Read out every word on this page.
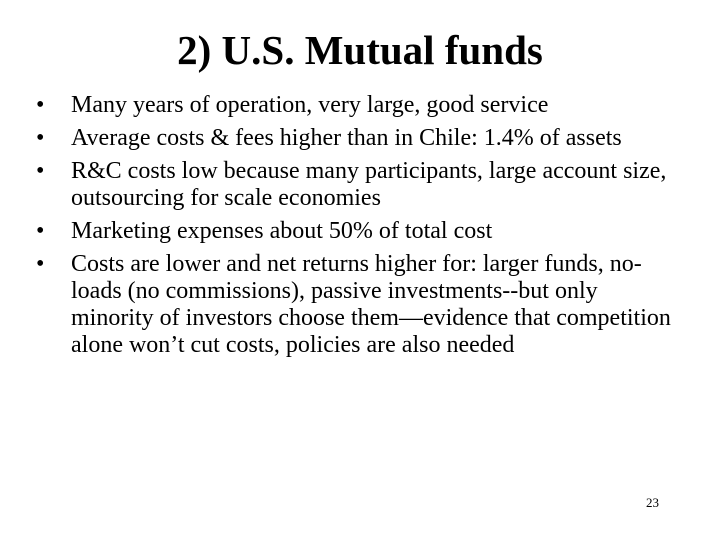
2) U.S. Mutual funds
•	Many years of operation, very large, good service
•	Average costs & fees higher than in Chile: 1.4% of assets
•	R&C costs low because many participants, large account size, outsourcing for scale economies
•	Marketing expenses about 50% of total cost
•	Costs are lower and net returns higher for: larger funds, no-loads (no commissions), passive investments--but only minority of investors choose them—evidence that competition alone won’t cut costs, policies are also needed
23
